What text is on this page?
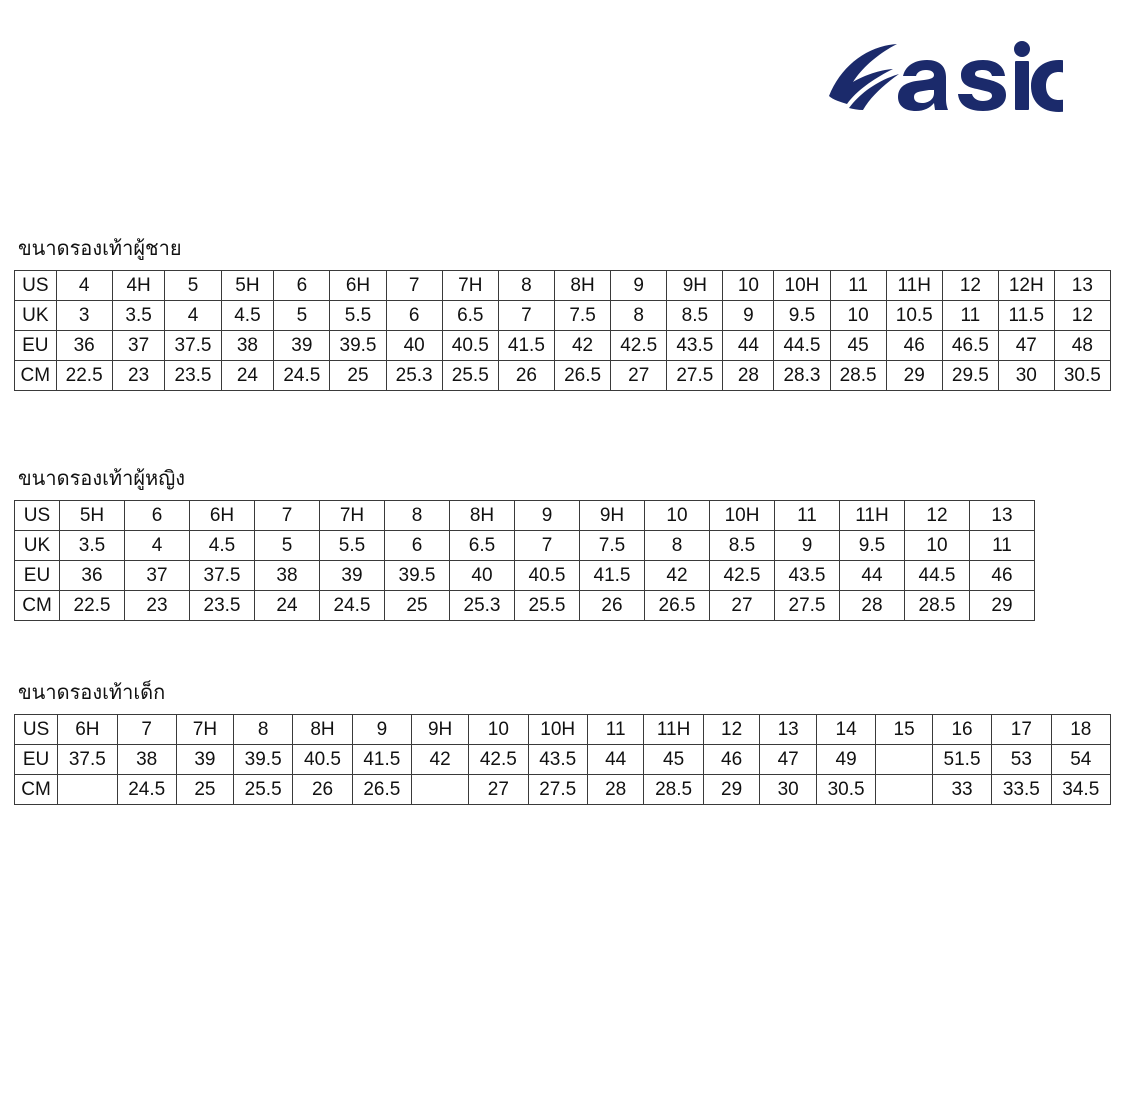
ขนาดรองเท้าผู้ชาย
US	4	4H	5	5H	6	6H	7	7H	8	8H	9	9H	10	10H	11	11H	12	12H	13
UK	3	3.5	4	4.5	5	5.5	6	6.5	7	7.5	8	8.5	9	9.5	10	10.5	11	11.5	12
EU	36	37	37.5	38	39	39.5	40	40.5	41.5	42	42.5	43.5	44	44.5	45	46	46.5	47	48
CM	22.5	23	23.5	24	24.5	25	25.3	25.5	26	26.5	27	27.5	28	28.3	28.5	29	29.5	30	30.5
ขนาดรองเท้าผู้หญิง
US	5H	6	6H	7	7H	8	8H	9	9H	10	10H	11	11H	12	13
UK	3.5	4	4.5	5	5.5	6	6.5	7	7.5	8	8.5	9	9.5	10	11
EU	36	37	37.5	38	39	39.5	40	40.5	41.5	42	42.5	43.5	44	44.5	46
CM	22.5	23	23.5	24	24.5	25	25.3	25.5	26	26.5	27	27.5	28	28.5	29
ขนาดรองเท้าเด็ก
US	6H	7	7H	8	8H	9	9H	10	10H	11	11H	12	13	14	15	16	17	18
EU	37.5	38	39	39.5	40.5	41.5	42	42.5	43.5	44	45	46	47	49		51.5	53	54
CM		24.5	25	25.5	26	26.5		27	27.5	28	28.5	29	30	30.5		33	33.5	34.5
